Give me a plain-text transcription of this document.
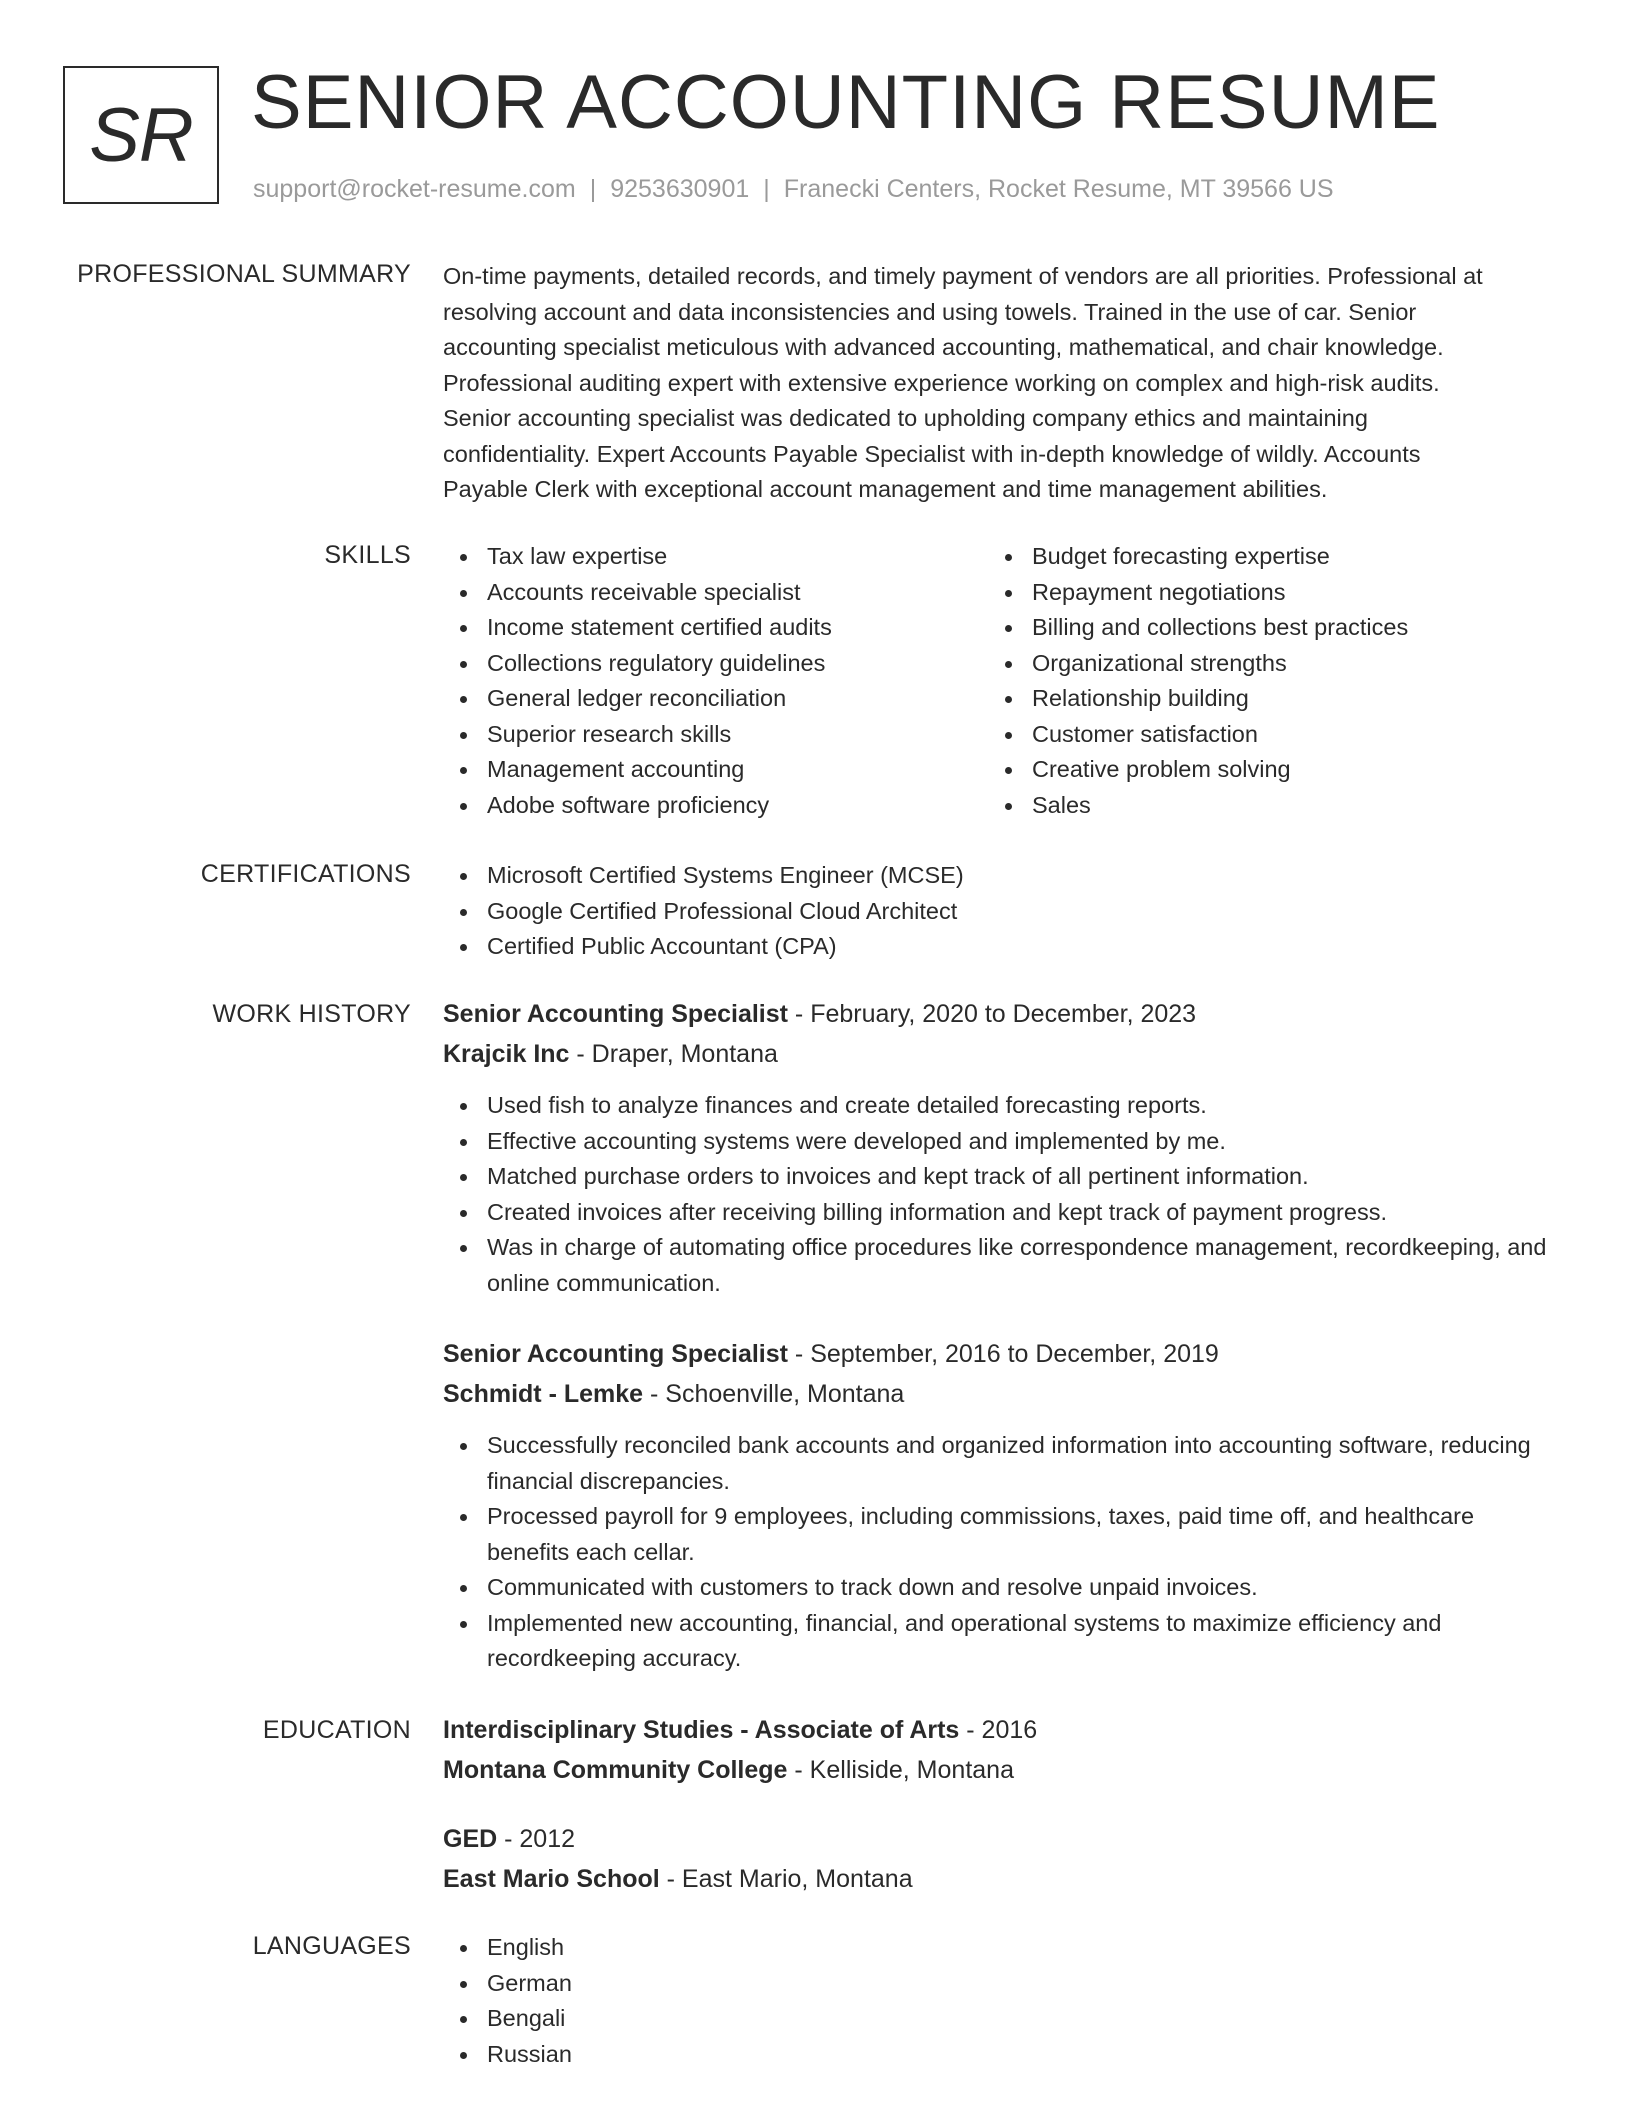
SR SENIOR ACCOUNTING RESUME
support@rocket-resume.com | 9253630901 | Franecki Centers, Rocket Resume, MT 39566 US
PROFESSIONAL SUMMARY On-time payments, detailed records, and timely payment of vendors are all priorities. Professional at
resolving account and data inconsistencies and using towels. Trained in the use of car. Senior
accounting specialist meticulous with advanced accounting, mathematical, and chair knowledge.
Professional auditing expert with extensive experience working on complex and high-risk audits.
Senior accounting specialist was dedicated to upholding company ethics and maintaining
confidentiality. Expert Accounts Payable Specialist with in-depth knowledge of wildly. Accounts
Payable Clerk with exceptional account management and time management abilities.
SKILLS	Tax law expertise
Accounts receivable specialist
Income statement certified audits
Collections regulatory guidelines
General ledger reconciliation
Superior research skills
Management accounting
Adobe software proficiency
Budget forecasting expertise
Repayment negotiations
Billing and collections best practices
Organizational strengths
Relationship building
Customer satisfaction
Creative problem solving
Sales
CERTIFICATIONS	Microsoft Certified Systems Engineer (MCSE)
Google Certified Professional Cloud Architect
Certified Public Accountant (CPA)
WORK HISTORY Senior Accounting Specialist - February, 2020 to December, 2023
Krajcik Inc - Draper, Montana
Used fish to analyze finances and create detailed forecasting reports.
Effective accounting systems were developed and implemented by me.
Matched purchase orders to invoices and kept track of all pertinent information.
Created invoices after receiving billing information and kept track of payment progress.
Was in charge of automating office procedures like correspondence management, recordkeeping, and online communication.
Senior Accounting Specialist - September, 2016 to December, 2019
Schmidt - Lemke - Schoenville, Montana
Successfully reconciled bank accounts and organized information into accounting software, reducing financial discrepancies.
Processed payroll for 9 employees, including commissions, taxes, paid time off, and healthcare benefits each cellar.
Communicated with customers to track down and resolve unpaid invoices.
Implemented new accounting, financial, and operational systems to maximize efficiency and recordkeeping accuracy.
EDUCATION Interdisciplinary Studies - Associate of Arts - 2016
Montana Community College - Kelliside, Montana
GED - 2012
East Mario School - East Mario, Montana
LANGUAGES	English
German
Bengali
Russian
